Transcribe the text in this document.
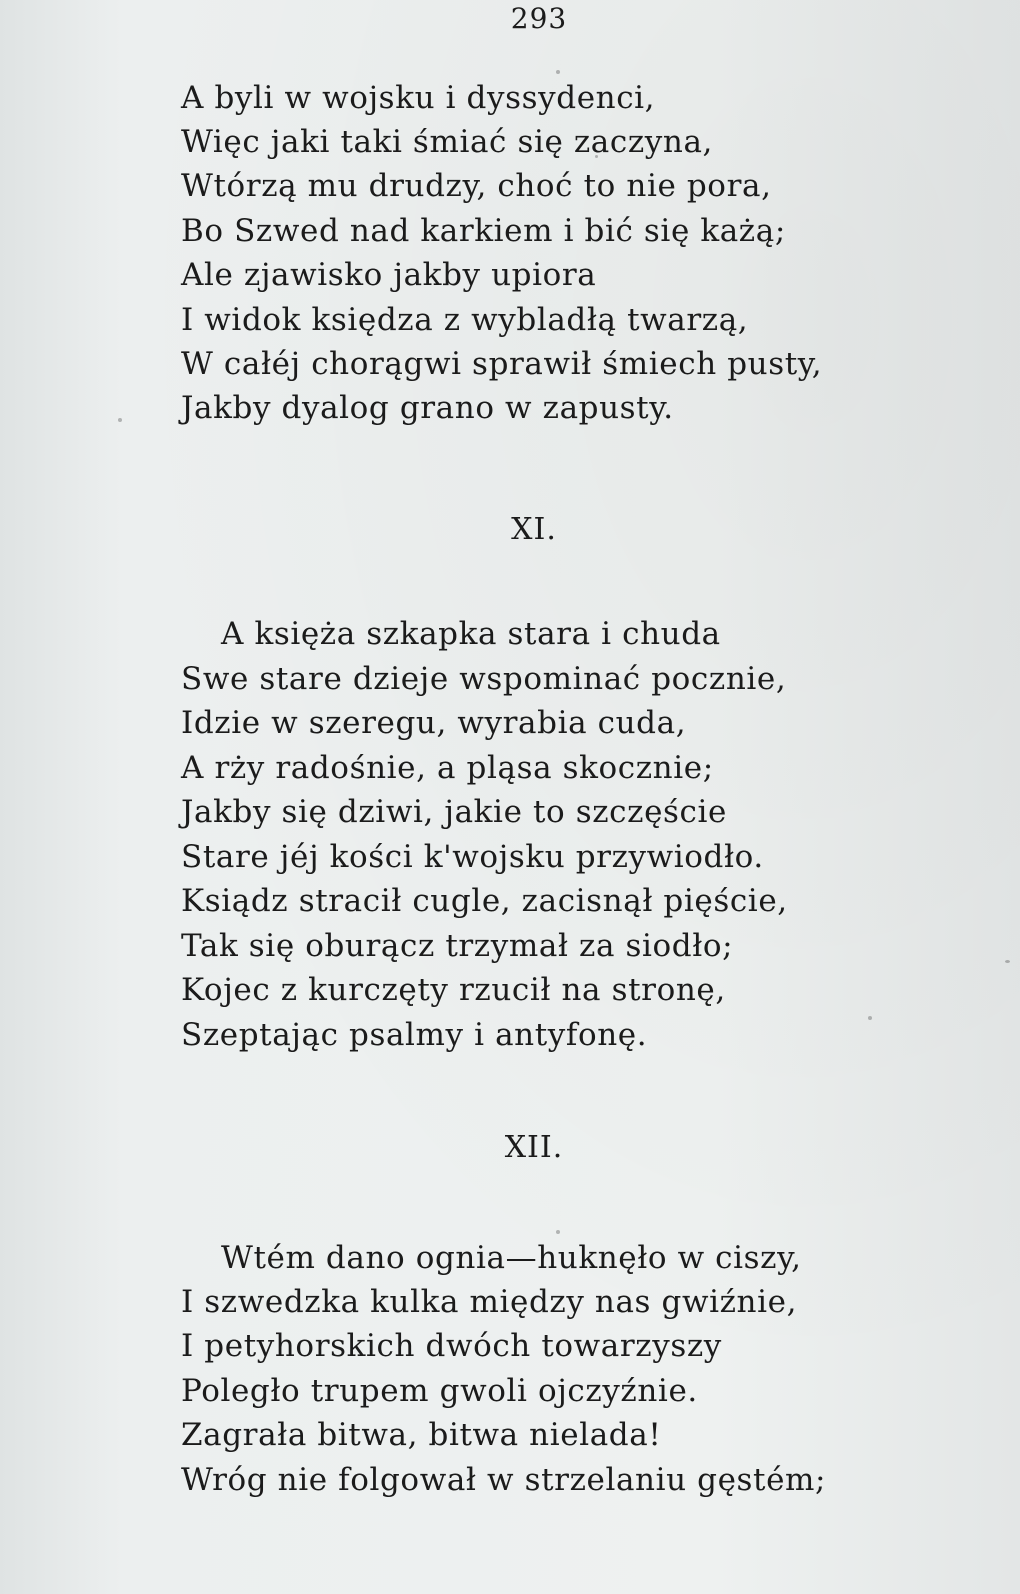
293
A byli w wojsku i dyssydenci,
Więc jaki taki śmiać się zaczyna,
Wtórzą mu drudzy, choć to nie pora,
Bo Szwed nad karkiem i bić się każą;
Ale zjawisko jakby upiora
I widok księdza z wybladłą twarzą,
W całéj chorągwi sprawił śmiech pusty,
Jakby dyalog grano w zapusty.
XI.
A księża szkapka stara i chuda
Swe stare dzieje wspominać pocznie,
Idzie w szeregu, wyrabia cuda,
A rży radośnie, a pląsa skocznie;
Jakby się dziwi, jakie to szczęście
Stare jéj kości k'wojsku przywiodło.
Ksiądz stracił cugle, zacisnął pięście,
Tak się oburącz trzymał za siodło;
Kojec z kurczęty rzucił na stronę,
Szeptając psalmy i antyfonę.
XII.
Wtém dano ognia—huknęło w ciszy,
I szwedzka kulka między nas gwiźnie,
I petyhorskich dwóch towarzyszy
Poległo trupem gwoli ojczyźnie.
Zagrała bitwa, bitwa nielada!
Wróg nie folgował w strzelaniu gęstém;
